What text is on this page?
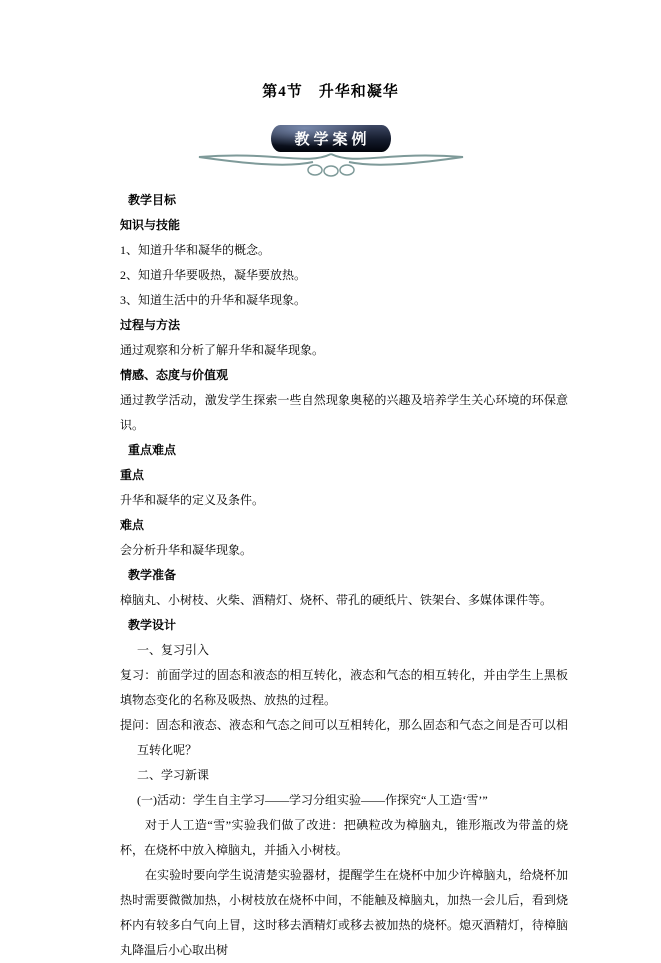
第4节　升华和凝华
教学案例

教学目标

知识与技能

1、知道升华和凝华的概念。

2、知道升华要吸热，凝华要放热。

3、知道生活中的升华和凝华现象。

过程与方法

通过观察和分析了解升华和凝华现象。

情感、态度与价值观

通过教学活动，激发学生探索一些自然现象奥秘的兴趣及培养学生关心环境的环保意识。

重点难点

重点

升华和凝华的定义及条件。

难点

会分析升华和凝华现象。

教学准备

樟脑丸、小树枝、火柴、酒精灯、烧杯、带孔的硬纸片、铁架台、多媒体课件等。

教学设计

一、复习引入

复习：前面学过的固态和液态的相互转化，液态和气态的相互转化，并由学生上黑板填物态变化的名称及吸热、放热的过程。

提问：固态和液态、液态和气态之间可以互相转化，那么固态和气态之间是否可以相互转化呢？

二、学习新课

(一)活动：学生自主学习——学习分组实验——作探究“人工造‘雪’”

对于人工造“雪”实验我们做了改进：把碘粒改为樟脑丸，锥形瓶改为带盖的烧杯，在烧杯中放入樟脑丸，并插入小树枝。

在实验时要向学生说清楚实验器材，提醒学生在烧杯中加少许樟脑丸，给烧杯加热时需要微微加热，小树枝放在烧杯中间，不能触及樟脑丸，加热一会儿后，看到烧杯内有较多白气向上冒，这时移去酒精灯或移去被加热的烧杯。熄灭酒精灯，待樟脑丸降温后小心取出树
